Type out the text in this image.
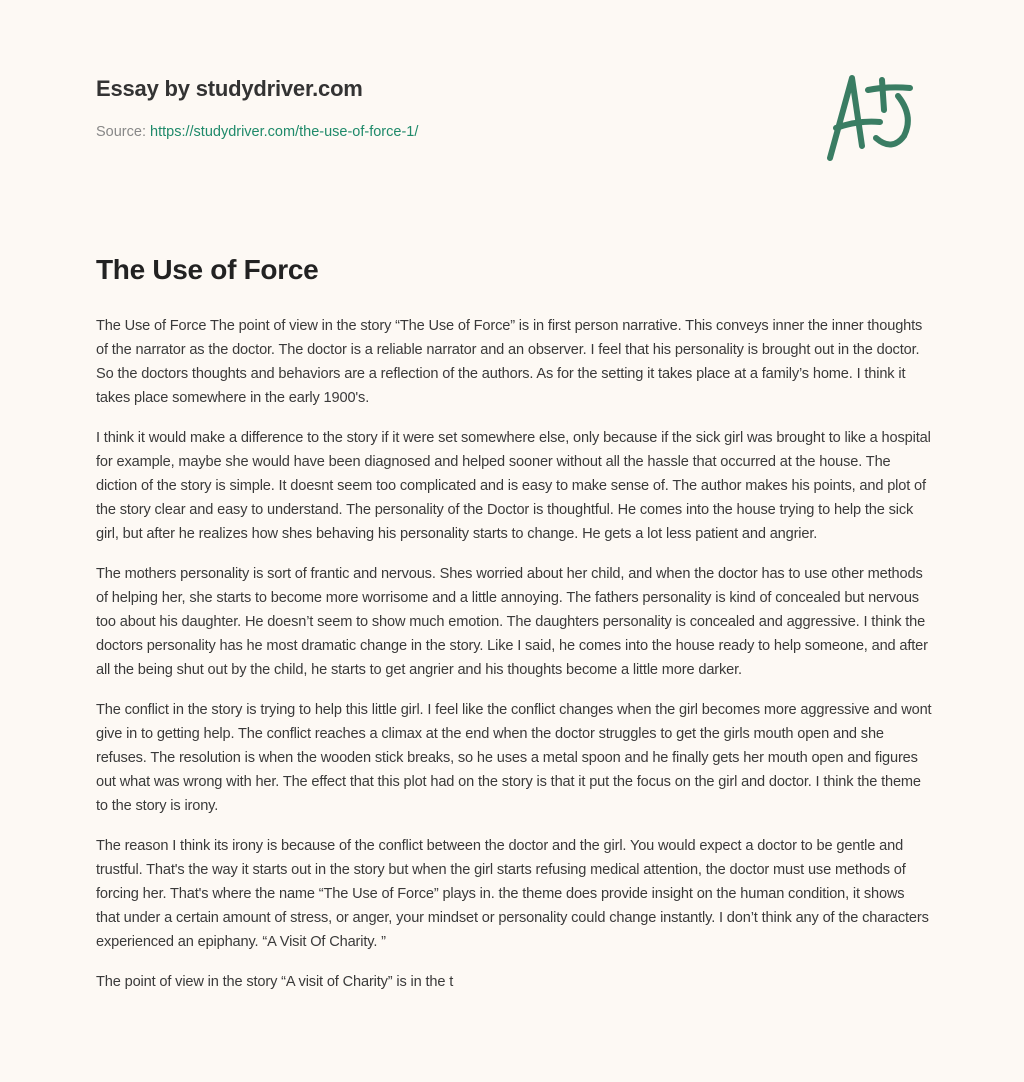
Essay by studydriver.com
Source: https://studydriver.com/the-use-of-force-1/
The Use of Force

The Use of Force The point of view in the story “The Use of Force” is in first person narrative. This conveys inner the inner thoughts of the narrator as the doctor. The doctor is a reliable narrator and an observer. I feel that his personality is brought out in the doctor. So the doctors thoughts and behaviors are a reflection of the authors. As for the setting it takes place at a family’s home. I think it takes place somewhere in the early 1900's.

I think it would make a difference to the story if it were set somewhere else, only because if the sick girl was brought to like a hospital for example, maybe she would have been diagnosed and helped sooner without all the hassle that occurred at the house. The diction of the story is simple. It doesnt seem too complicated and is easy to make sense of. The author makes his points, and plot of the story clear and easy to understand. The personality of the Doctor is thoughtful. He comes into the house trying to help the sick girl, but after he realizes how shes behaving his personality starts to change. He gets a lot less patient and angrier.

The mothers personality is sort of frantic and nervous. Shes worried about her child, and when the doctor has to use other methods of helping her, she starts to become more worrisome and a little annoying. The fathers personality is kind of concealed but nervous too about his daughter. He doesn’t seem to show much emotion. The daughters personality is concealed and aggressive. I think the doctors personality has he most dramatic change in the story. Like I said, he comes into the house ready to help someone, and after all the being shut out by the child, he starts to get angrier and his thoughts become a little more darker.

The conflict in the story is trying to help this little girl. I feel like the conflict changes when the girl becomes more aggressive and wont give in to getting help. The conflict reaches a climax at the end when the doctor struggles to get the girls mouth open and she refuses. The resolution is when the wooden stick breaks, so he uses a metal spoon and he finally gets her mouth open and figures out what was wrong with her. The effect that this plot had on the story is that it put the focus on the girl and doctor. I think the theme to the story is irony.

The reason I think its irony is because of the conflict between the doctor and the girl. You would expect a doctor to be gentle and trustful. That's the way it starts out in the story but when the girl starts refusing medical attention, the doctor must use methods of forcing her. That's where the name “The Use of Force” plays in. the theme does provide insight on the human condition, it shows that under a certain amount of stress, or anger, your mindset or personality could change instantly. I don’t think any of the characters experienced an epiphany. “A Visit Of Charity. ”

The point of view in the story “A visit of Charity” is in the t
